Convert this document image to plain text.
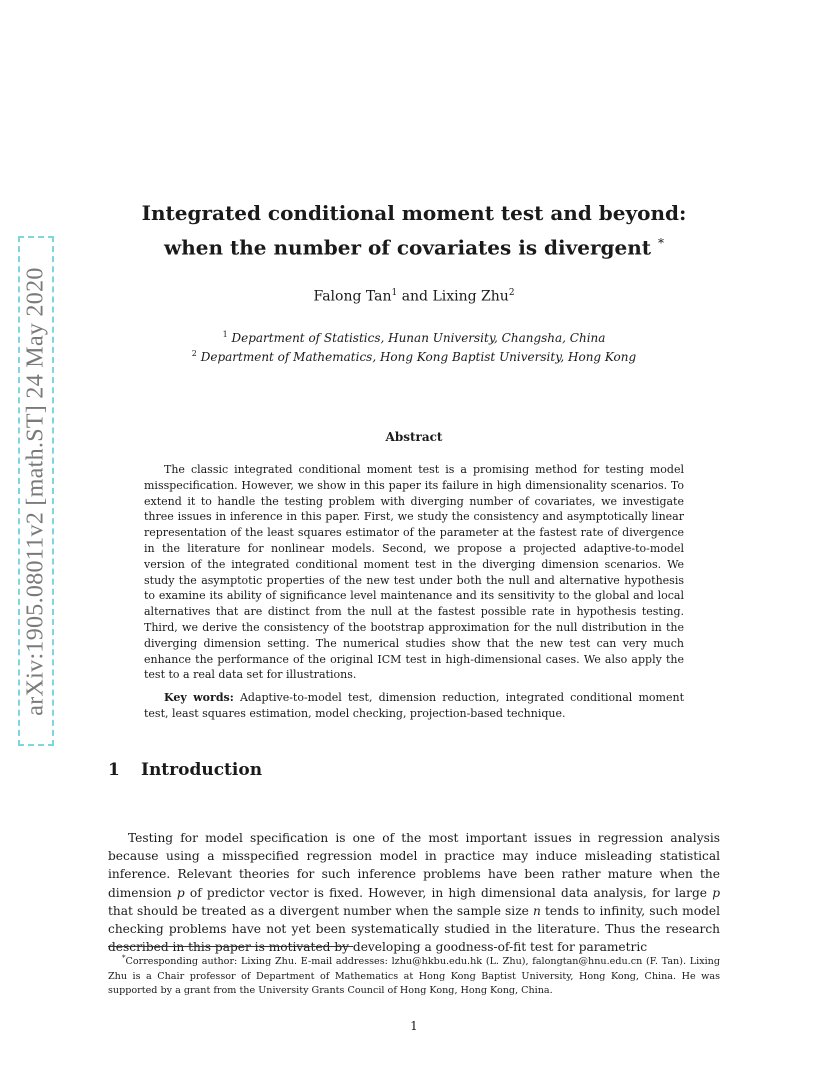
arXiv:1905.08011v2 [math.ST] 24 May 2020
Integrated conditional moment test and beyond:
when the number of covariates is divergent *
Falong Tan$^1$ and Lixing Zhu$^2$
$^1$ Department of Statistics, Hunan University, Changsha, China
$^2$ Department of Mathematics, Hong Kong Baptist University, Hong Kong
Abstract

The classic integrated conditional moment test is a promising method for testing model misspecification. However, we show in this paper its failure in high dimensionality scenarios. To extend it to handle the testing problem with diverging number of covariates, we investigate three issues in inference in this paper. First, we study the consistency and asymptotically linear representation of the least squares estimator of the parameter at the fastest rate of divergence in the literature for nonlinear models. Second, we propose a projected adaptive-to-model version of the integrated conditional moment test in the diverging dimension scenarios. We study the asymptotic properties of the new test under both the null and alternative hypothesis to examine its ability of significance level maintenance and its sensitivity to the global and local alternatives that are distinct from the null at the fastest possible rate in hypothesis testing. Third, we derive the consistency of the bootstrap approximation for the null distribution in the diverging dimension setting. The numerical studies show that the new test can very much enhance the performance of the original ICM test in high-dimensional cases. We also apply the test to a real data set for illustrations.

Key words: Adaptive-to-model test, dimension reduction, integrated conditional moment test, least squares estimation, model checking, projection-based technique.

1 Introduction

Testing for model specification is one of the most important issues in regression analysis because using a misspecified regression model in practice may induce misleading statistical inference. Relevant theories for such inference problems have been rather mature when the dimension p of predictor vector is fixed. However, in high dimensional data analysis, for large p that should be treated as a divergent number when the sample size n tends to infinity, such model checking problems have not yet been systematically studied in the literature. Thus the research described in this paper is motivated by developing a goodness-of-fit test for parametric

*Corresponding author: Lixing Zhu. E-mail addresses: lzhu@hkbu.edu.hk (L. Zhu), falongtan@hnu.edu.cn (F. Tan). Lixing Zhu is a Chair professor of Department of Mathematics at Hong Kong Baptist University, Hong Kong, China. He was supported by a grant from the University Grants Council of Hong Kong, Hong Kong, China.

1
